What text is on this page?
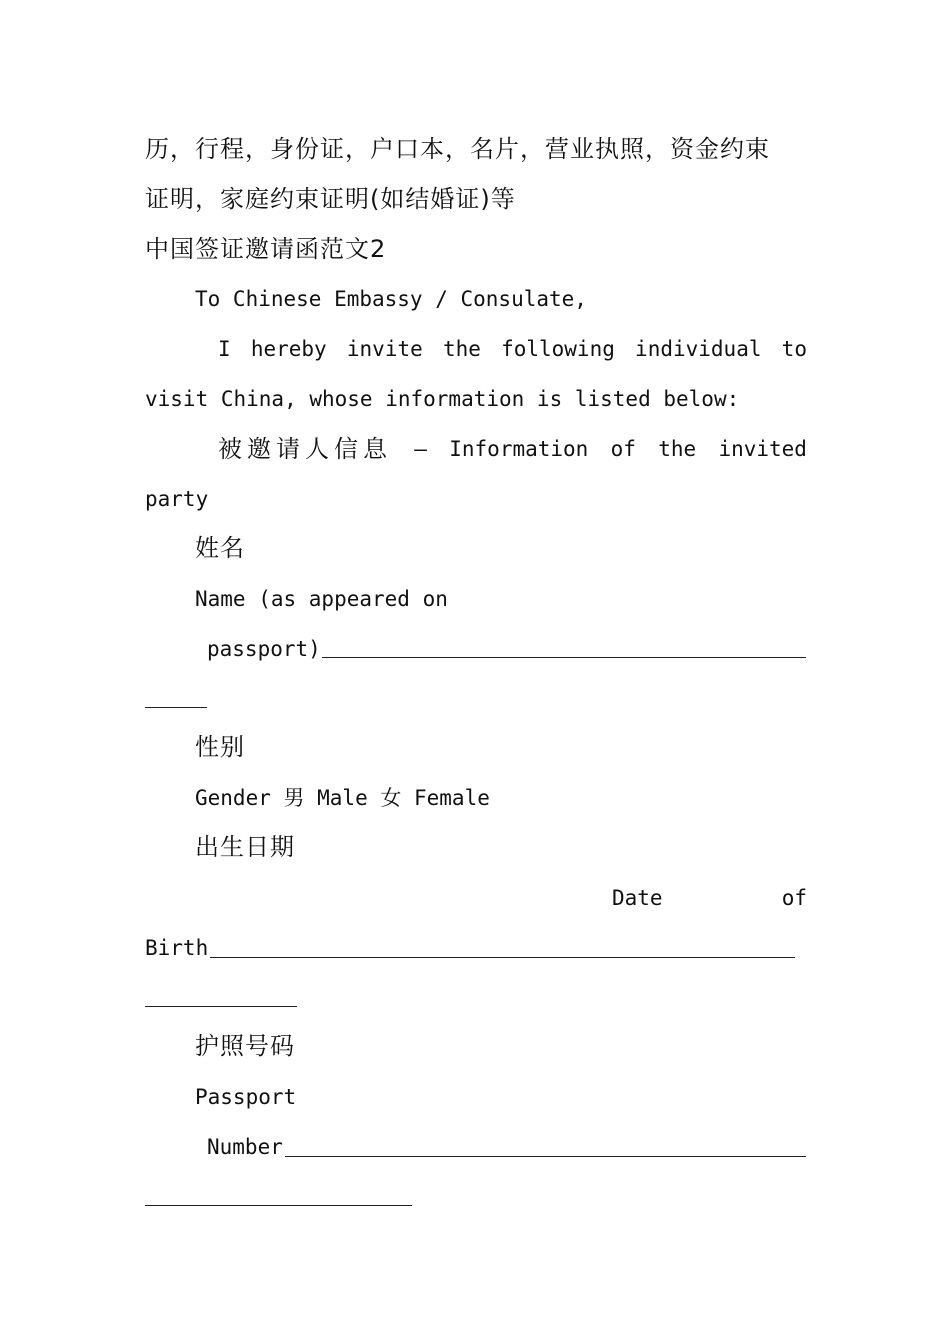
历，行程，身份证，户口本，名片，营业执照，资金约束
证明，家庭约束证明(如结婚证)等
中国签证邀请函范文2
To Chinese Embassy / Consulate,
I hereby invite the following individual to
visit China, whose information is listed below:
被邀请人信息 — Information of the invited
party
姓名
Name (as appeared on
passport)
性别
Gender 男 Male 女 Female
出生日期
Date	of
Birth
护照号码
Passport
Number
